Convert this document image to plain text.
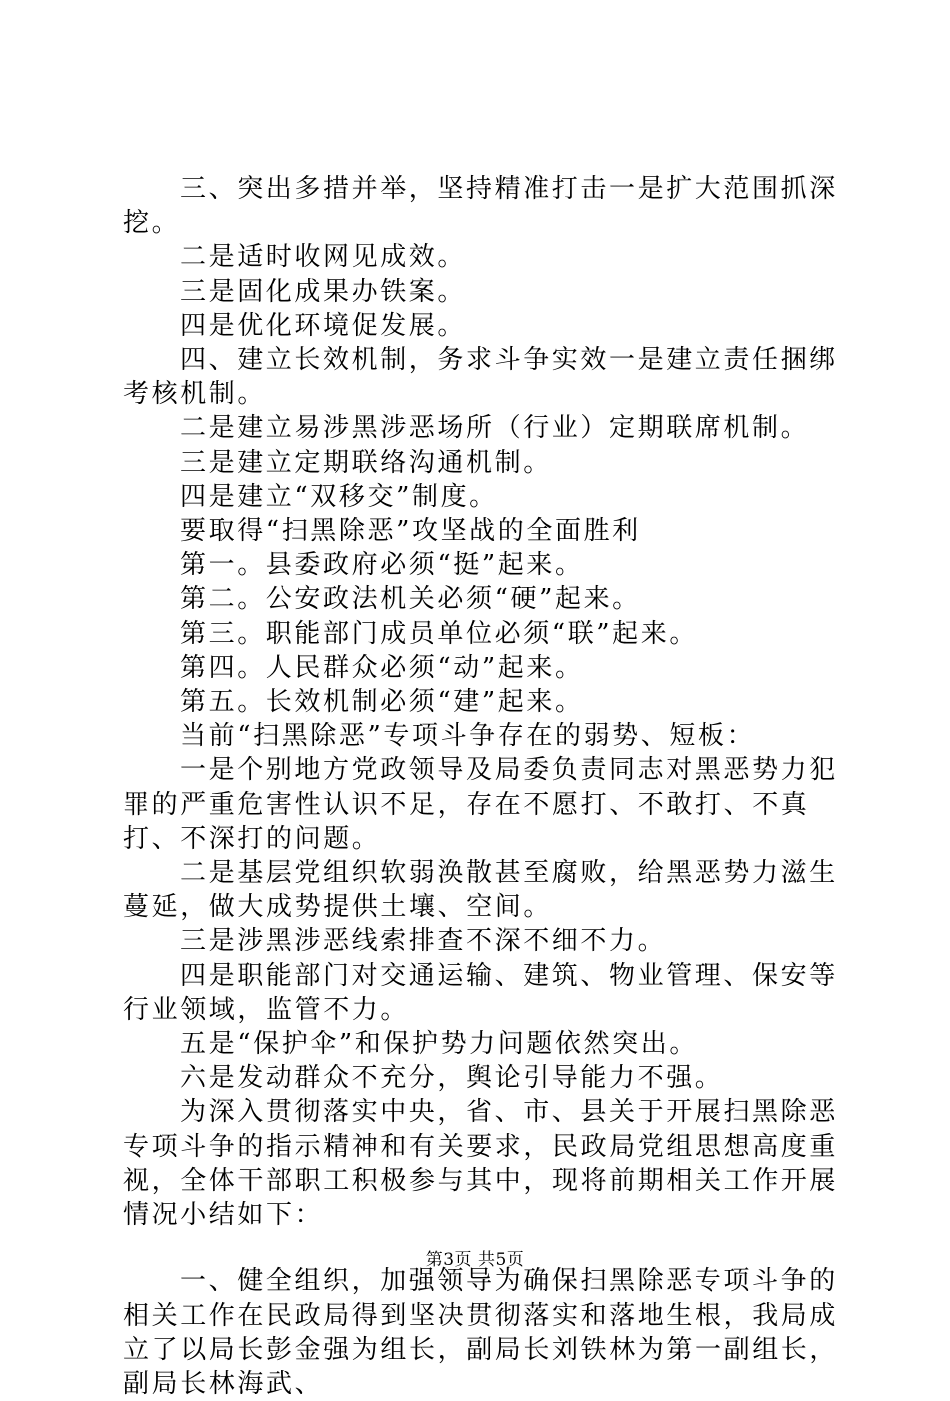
三、突出多措并举，坚持精准打击一是扩大范围抓深挖。

二是适时收网见成效。

三是固化成果办铁案。

四是优化环境促发展。

四、建立长效机制，务求斗争实效一是建立责任捆绑考核机制。

二是建立易涉黑涉恶场所（行业）定期联席机制。

三是建立定期联络沟通机制。

四是建立“双移交”制度。

要取得“扫黑除恶”攻坚战的全面胜利

第一。县委政府必须“挺”起来。

第二。公安政法机关必须“硬”起来。

第三。职能部门成员单位必须“联”起来。

第四。人民群众必须“动”起来。

第五。长效机制必须“建”起来。

当前“扫黑除恶”专项斗争存在的弱势、短板：

一是个别地方党政领导及局委负责同志对黑恶势力犯罪的严重危害性认识不足，存在不愿打、不敢打、不真打、不深打的问题。

二是基层党组织软弱涣散甚至腐败，给黑恶势力滋生蔓延，做大成势提供土壤、空间。

三是涉黑涉恶线索排查不深不细不力。

四是职能部门对交通运输、建筑、物业管理、保安等行业领域，监管不力。

五是“保护伞”和保护势力问题依然突出。

六是发动群众不充分，舆论引导能力不强。

为深入贯彻落实中央，省、市、县关于开展扫黑除恶专项斗争的指示精神和有关要求，民政局党组思想高度重视，全体干部职工积极参与其中，现将前期相关工作开展情况小结如下：

一、健全组织，加强领导为确保扫黑除恶专项斗争的相关工作在民政局得到坚决贯彻落实和落地生根，我局成立了以局长彭金强为组长，副局长刘铁林为第一副组长，副局长林海武、

第3页 共5页
